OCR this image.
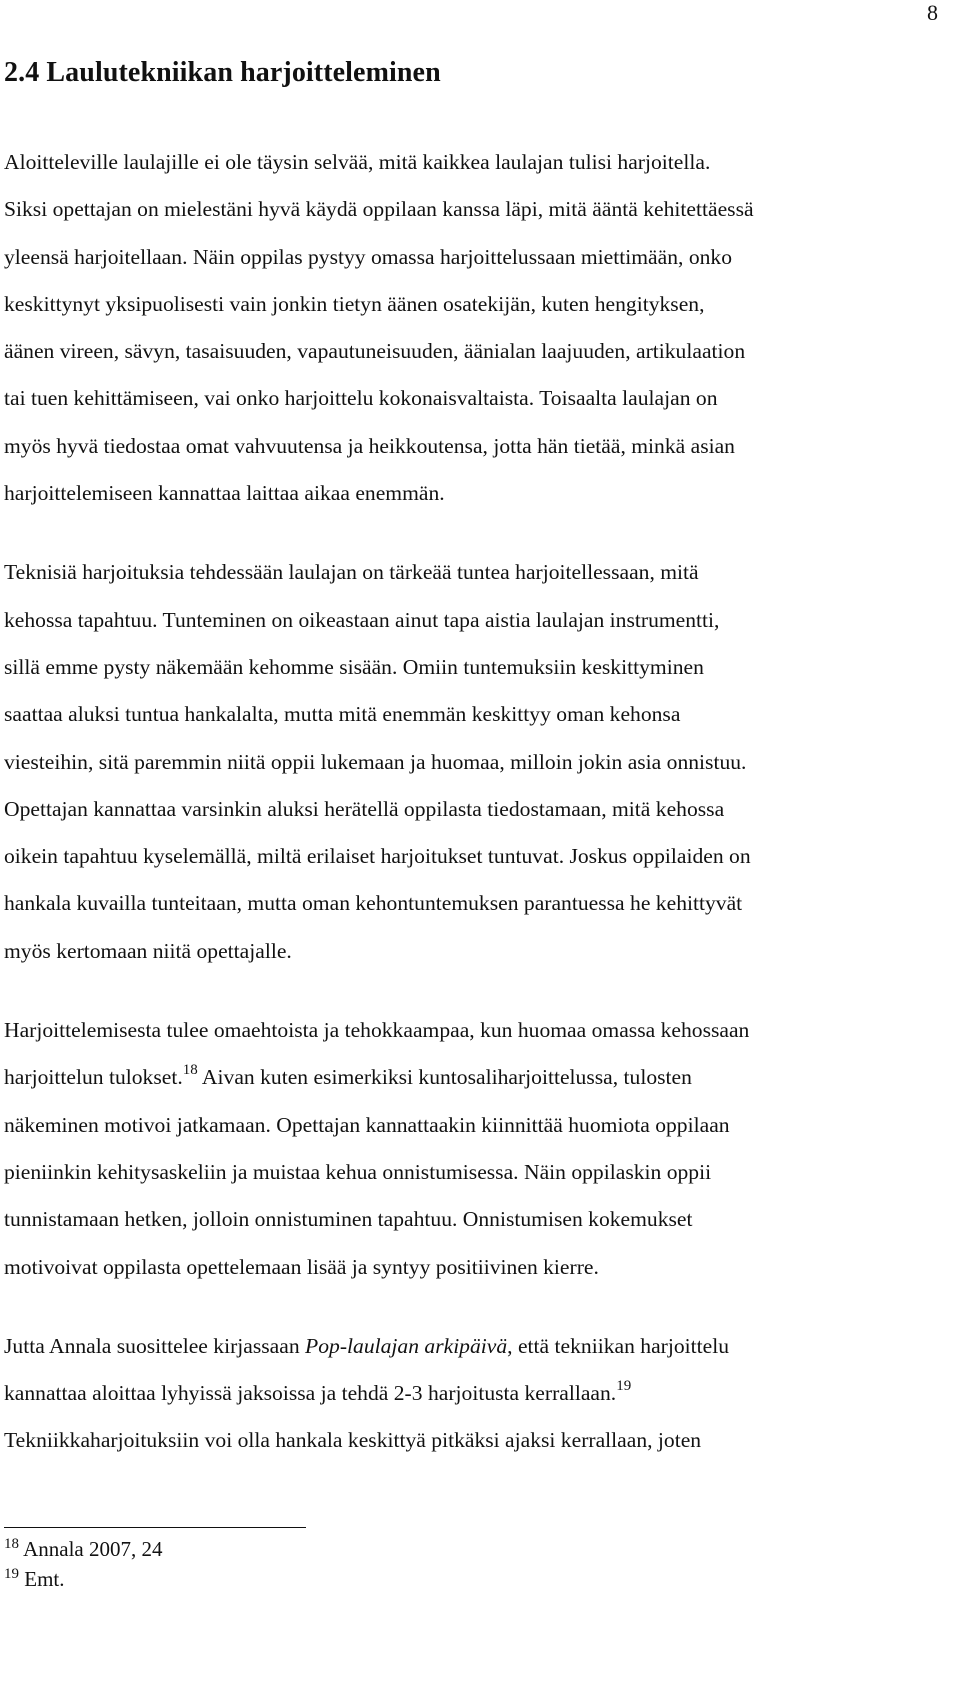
8
2.4 Laulutekniikan harjoitteleminen

Aloitteleville laulajille ei ole täysin selvää, mitä kaikkea laulajan tulisi harjoitella.
Siksi opettajan on mielestäni hyvä käydä oppilaan kanssa läpi, mitä ääntä kehitettäessä
yleensä harjoitellaan. Näin oppilas pystyy omassa harjoittelussaan miettimään, onko
keskittynyt yksipuolisesti vain jonkin tietyn äänen osatekijän, kuten hengityksen,
äänen vireen, sävyn, tasaisuuden, vapautuneisuuden, äänialan laajuuden, artikulaation
tai tuen kehittämiseen, vai onko harjoittelu kokonaisvaltaista. Toisaalta laulajan on
myös hyvä tiedostaa omat vahvuutensa ja heikkoutensa, jotta hän tietää, minkä asian
harjoittelemiseen kannattaa laittaa aikaa enemmän.

Teknisiä harjoituksia tehdessään laulajan on tärkeää tuntea harjoitellessaan, mitä
kehossa tapahtuu. Tunteminen on oikeastaan ainut tapa aistia laulajan instrumentti,
sillä emme pysty näkemään kehomme sisään. Omiin tuntemuksiin keskittyminen
saattaa aluksi tuntua hankalalta, mutta mitä enemmän keskittyy oman kehonsa
viesteihin, sitä paremmin niitä oppii lukemaan ja huomaa, milloin jokin asia onnistuu.
Opettajan kannattaa varsinkin aluksi herätellä oppilasta tiedostamaan, mitä kehossa
oikein tapahtuu kyselemällä, miltä erilaiset harjoitukset tuntuvat. Joskus oppilaiden on
hankala kuvailla tunteitaan, mutta oman kehontuntemuksen parantuessa he kehittyvät
myös kertomaan niitä opettajalle.

Harjoittelemisesta tulee omaehtoista ja tehokkaampaa, kun huomaa omassa kehossaan
harjoittelun tulokset.$^{18}$ Aivan kuten esimerkiksi kuntosaliharjoittelussa, tulosten
näkeminen motivoi jatkamaan. Opettajan kannattaakin kiinnittää huomiota oppilaan
pieniinkin kehitysaskeliin ja muistaa kehua onnistumisessa. Näin oppilaskin oppii
tunnistamaan hetken, jolloin onnistuminen tapahtuu. Onnistumisen kokemukset
motivoivat oppilasta opettelemaan lisää ja syntyy positiivinen kierre.

Jutta Annala suosittelee kirjassaan Pop-laulajan arkipäivä, että tekniikan harjoittelu
kannattaa aloittaa lyhyissä jaksoissa ja tehdä 2-3 harjoitusta kerrallaan.$^{19}$
Tekniikkaharjoituksiin voi olla hankala keskittyä pitkäksi ajaksi kerrallaan, joten

$^{18}$ Annala 2007, 24
$^{19}$ Emt.
